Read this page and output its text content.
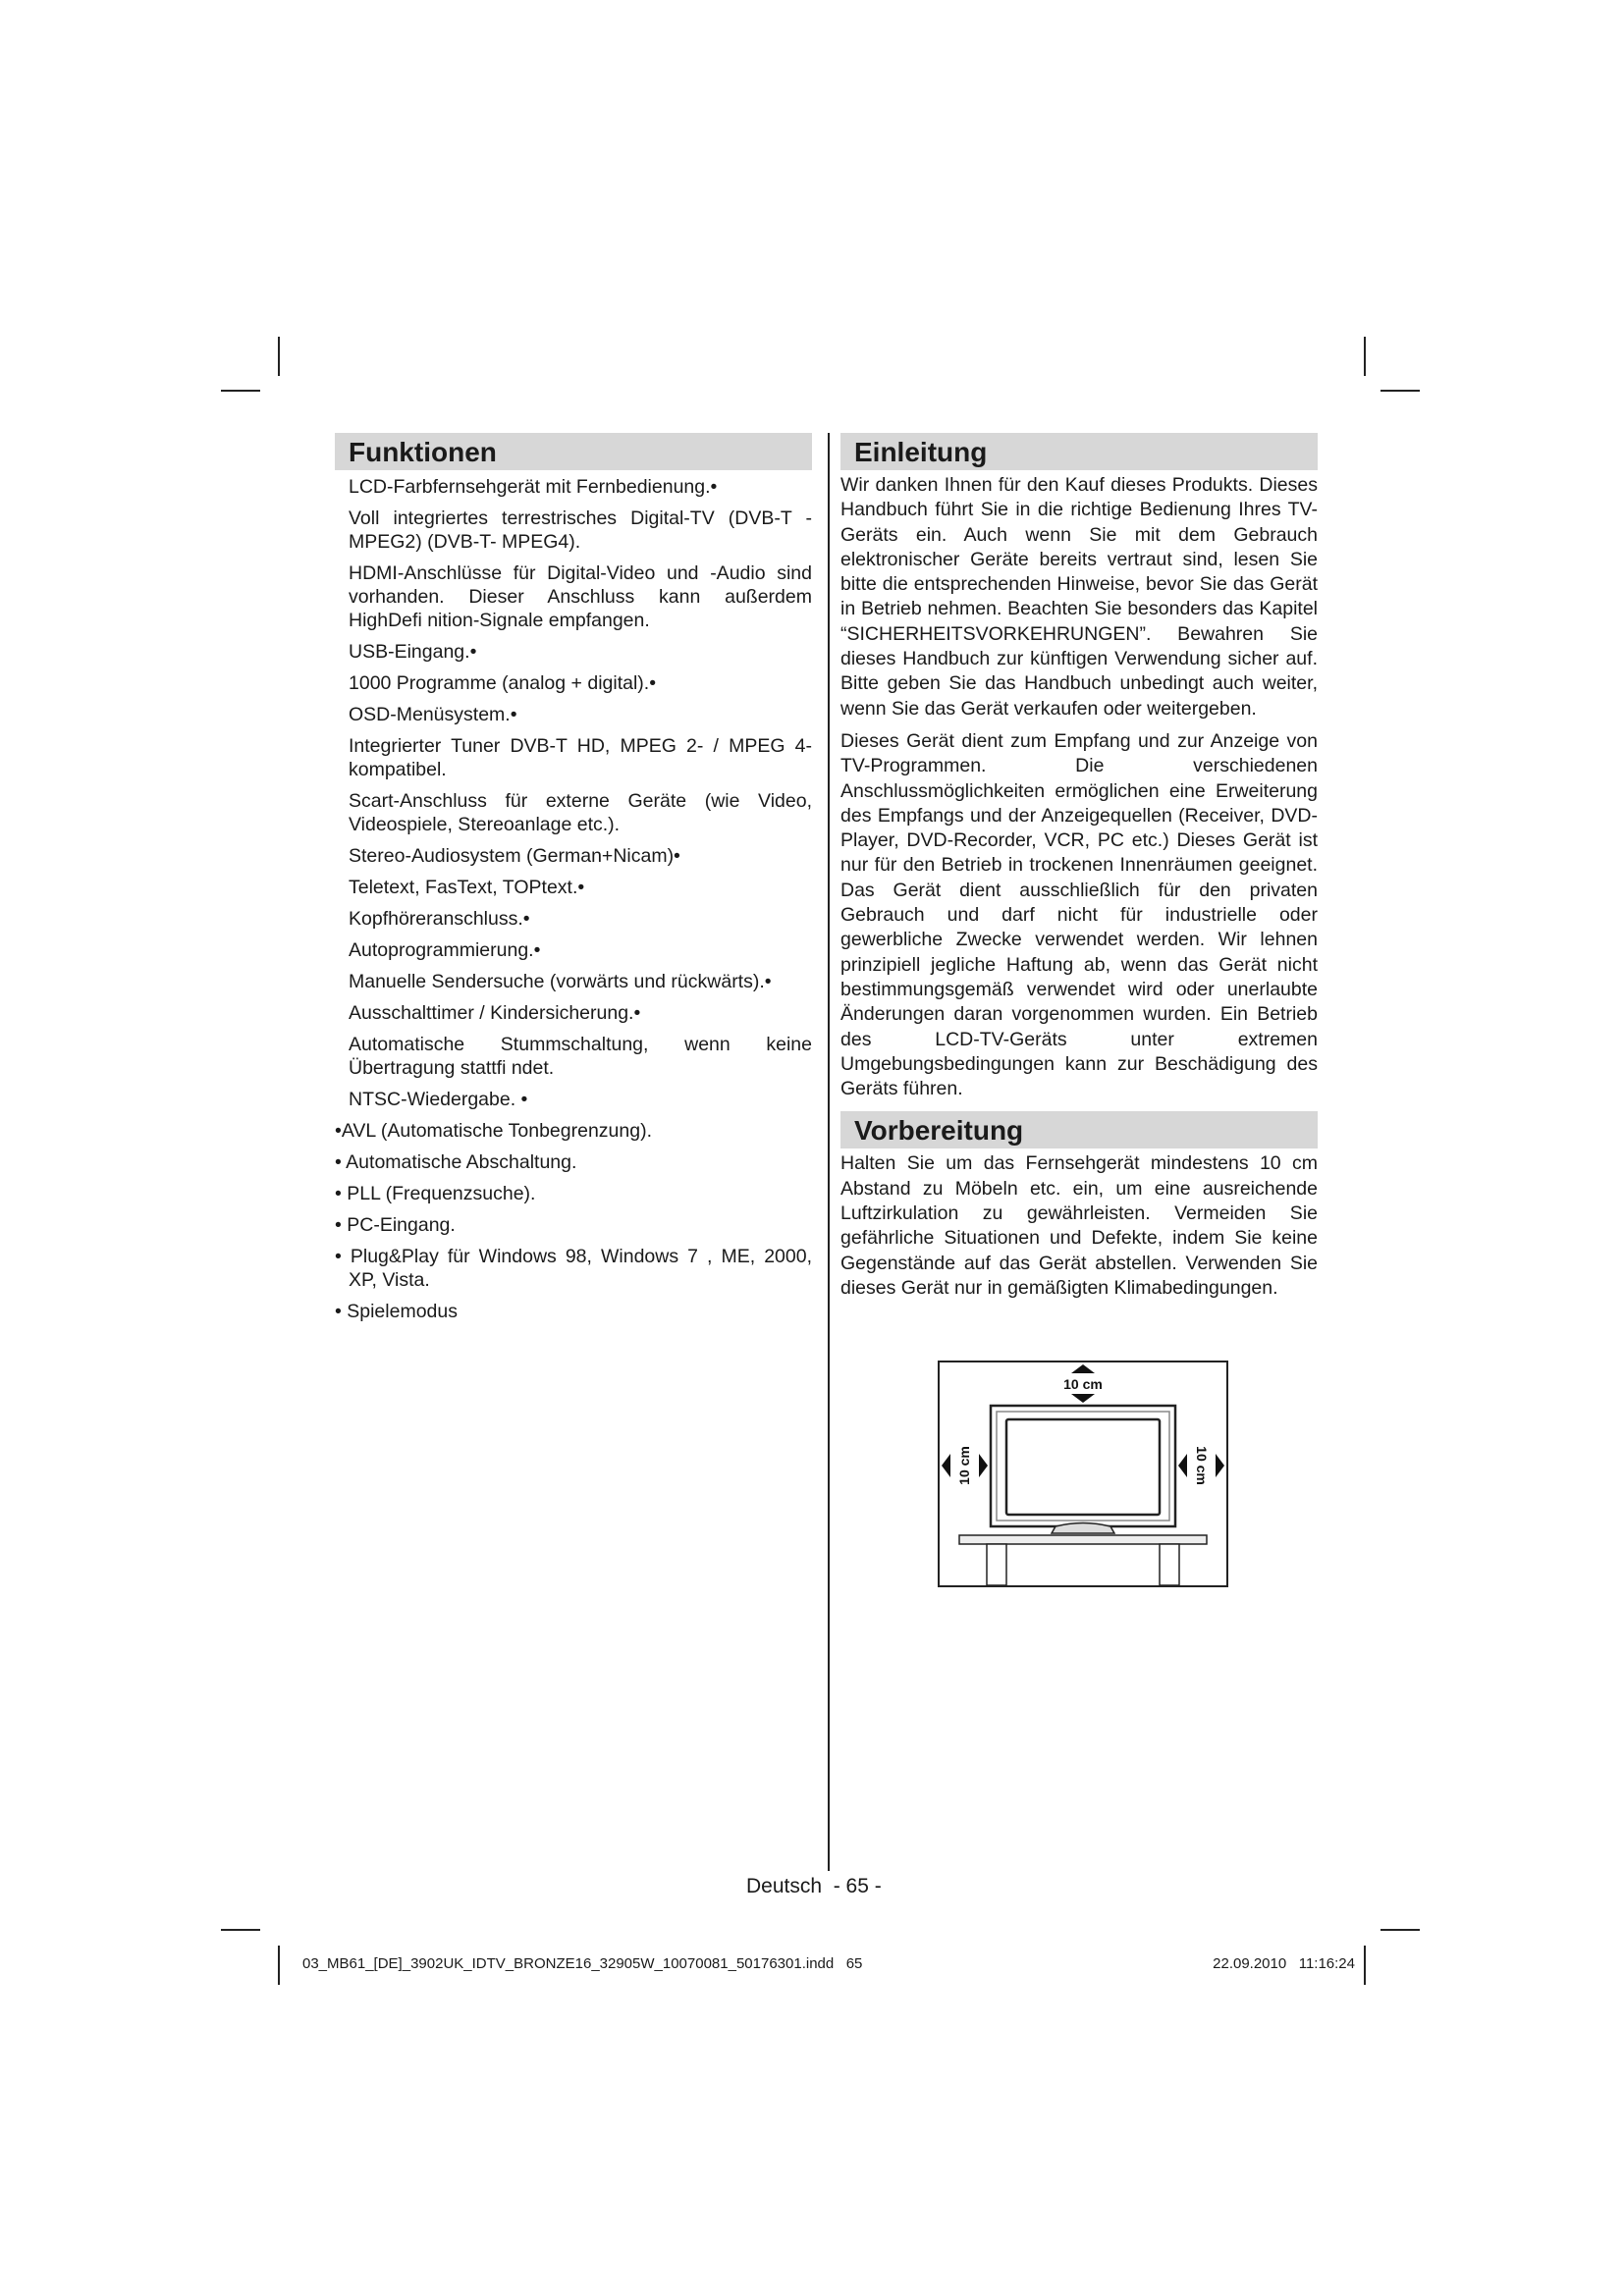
Funktionen
LCD-Farbfernsehgerät mit Fernbedienung.•
Voll integriertes terrestrisches Digital-TV (DVB-T - MPEG2) (DVB-T- MPEG4).
HDMI-Anschlüsse für Digital-Video und -Audio sind vorhanden. Dieser Anschluss kann außerdem HighDefi nition-Signale empfangen.
USB-Eingang.•
1000 Programme (analog + digital).•
OSD-Menüsystem.•
Integrierter Tuner DVB-T HD, MPEG 2- / MPEG 4-kompatibel.
Scart-Anschluss für externe Geräte (wie Video, Videospiele, Stereoanlage etc.).
Stereo-Audiosystem (German+Nicam)•
Teletext, FasText, TOPtext.•
Kopfhöreranschluss.•
Autoprogrammierung.•
Manuelle Sendersuche (vorwärts und rückwärts).•
Ausschalttimer / Kindersicherung.•
Automatische Stummschaltung, wenn keine Übertragung stattfi ndet.
NTSC-Wiedergabe. •
•AVL (Automatische Tonbegrenzung).
• Automatische Abschaltung.
• PLL (Frequenzsuche).
• PC-Eingang.
• Plug&Play für Windows 98, Windows 7 , ME, 2000, XP, Vista.
• Spielemodus
Einleitung

Wir danken Ihnen für den Kauf dieses Produkts. Dieses Handbuch führt Sie in die richtige Bedienung Ihres TV-Geräts ein. Auch wenn Sie mit dem Gebrauch elektronischer Geräte bereits vertraut sind, lesen Sie bitte die entsprechenden Hinweise, bevor Sie das Gerät in Betrieb nehmen. Beachten Sie besonders das Kapitel “SICHERHEITSVORKEHRUNGEN”. Bewahren Sie dieses Handbuch zur künftigen Verwendung sicher auf. Bitte geben Sie das Handbuch unbedingt auch weiter, wenn Sie das Gerät verkaufen oder weitergeben.

Dieses Gerät dient zum Empfang und zur Anzeige von TV-Programmen. Die verschiedenen Anschlussmöglichkeiten ermöglichen eine Erweiterung des Empfangs und der Anzeigequellen (Receiver, DVD-Player, DVD-Recorder, VCR, PC etc.) Dieses Gerät ist nur für den Betrieb in trockenen Innenräumen geeignet. Das Gerät dient ausschließlich für den privaten Gebrauch und darf nicht für industrielle oder gewerbliche Zwecke verwendet werden. Wir lehnen prinzipiell jegliche Haftung ab, wenn das Gerät nicht bestimmungsgemäß verwendet wird oder unerlaubte Änderungen daran vorgenommen wurden. Ein Betrieb des LCD-TV-Geräts unter extremen Umgebungsbedingungen kann zur Beschädigung des Geräts führen.

Vorbereitung

Halten Sie um das Fernsehgerät mindestens 10 cm Abstand zu Möbeln etc. ein, um eine ausreichende Luftzirkulation zu gewährleisten. Vermeiden Sie gefährliche Situationen und Defekte, indem Sie keine Gegenstände auf das Gerät abstellen. Verwenden Sie dieses Gerät nur in gemäßigten Klimabedingungen.

10 cm
10 cm	10 cm
Deutsch  - 65 -
03_MB61_[DE]_3902UK_IDTV_BRONZE16_32905W_10070081_50176301.indd   65	22.09.2010   11:16:24
